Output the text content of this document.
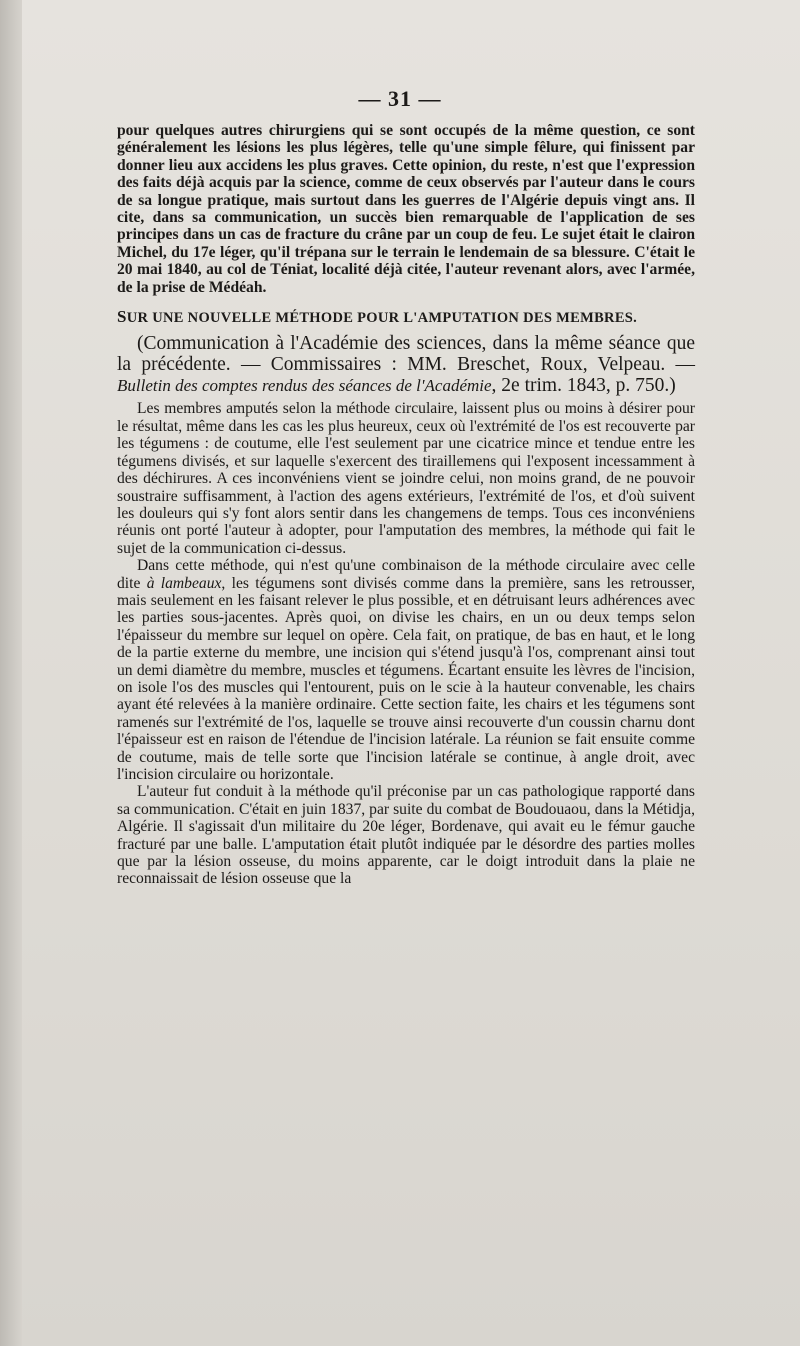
— 31 —

pour quelques autres chirurgiens qui se sont occupés de la même question, ce sont généralement les lésions les plus légères, telle qu'une simple fêlure, qui finissent par donner lieu aux accidens les plus graves. Cette opinion, du reste, n'est que l'expression des faits déjà acquis par la science, comme de ceux observés par l'auteur dans le cours de sa longue pratique, mais surtout dans les guerres de l'Algérie depuis vingt ans. Il cite, dans sa communication, un succès bien remarquable de l'application de ses principes dans un cas de fracture du crâne par un coup de feu. Le sujet était le clairon Michel, du 17e léger, qu'il trépana sur le terrain le lendemain de sa blessure. C'était le 20 mai 1840, au col de Téniat, localité déjà citée, l'auteur revenant alors, avec l'armée, de la prise de Médéah.

SUR UNE NOUVELLE MÉTHODE POUR L'AMPUTATION DES MEMBRES.

(Communication à l'Académie des sciences, dans la même séance que la précédente. — Commissaires : MM. Breschet, Roux, Velpeau. — Bulletin des comptes rendus des séances de l'Académie, 2e trim. 1843, p. 750.)

Les membres amputés selon la méthode circulaire, laissent plus ou moins à désirer pour le résultat, même dans les cas les plus heureux, ceux où l'extrémité de l'os est recouverte par les tégumens : de coutume, elle l'est seulement par une cicatrice mince et tendue entre les tégumens divisés, et sur laquelle s'exercent des tiraillemens qui l'exposent incessamment à des déchirures. A ces inconvéniens vient se joindre celui, non moins grand, de ne pouvoir soustraire suffisamment, à l'action des agens extérieurs, l'extrémité de l'os, et d'où suivent les douleurs qui s'y font alors sentir dans les changemens de temps. Tous ces inconvéniens réunis ont porté l'auteur à adopter, pour l'amputation des membres, la méthode qui fait le sujet de la communication ci-dessus.

Dans cette méthode, qui n'est qu'une combinaison de la méthode circulaire avec celle dite à lambeaux, les tégumens sont divisés comme dans la première, sans les retrousser, mais seulement en les faisant relever le plus possible, et en détruisant leurs adhérences avec les parties sous-jacentes. Après quoi, on divise les chairs, en un ou deux temps selon l'épaisseur du membre sur lequel on opère. Cela fait, on pratique, de bas en haut, et le long de la partie externe du membre, une incision qui s'étend jusqu'à l'os, comprenant ainsi tout un demi diamètre du membre, muscles et tégumens. Écartant ensuite les lèvres de l'incision, on isole l'os des muscles qui l'entourent, puis on le scie à la hauteur convenable, les chairs ayant été relevées à la manière ordinaire. Cette section faite, les chairs et les tégumens sont ramenés sur l'extrémité de l'os, laquelle se trouve ainsi recouverte d'un coussin charnu dont l'épaisseur est en raison de l'étendue de l'incision latérale. La réunion se fait ensuite comme de coutume, mais de telle sorte que l'incision latérale se continue, à angle droit, avec l'incision circulaire ou horizontale.

L'auteur fut conduit à la méthode qu'il préconise par un cas pathologique rapporté dans sa communication. C'était en juin 1837, par suite du combat de Boudouaou, dans la Métidja, Algérie. Il s'agissait d'un militaire du 20e léger, Bordenave, qui avait eu le fémur gauche fracturé par une balle. L'amputation était plutôt indiquée par le désordre des parties molles que par la lésion osseuse, du moins apparente, car le doigt introduit dans la plaie ne reconnaissait de lésion osseuse que la
